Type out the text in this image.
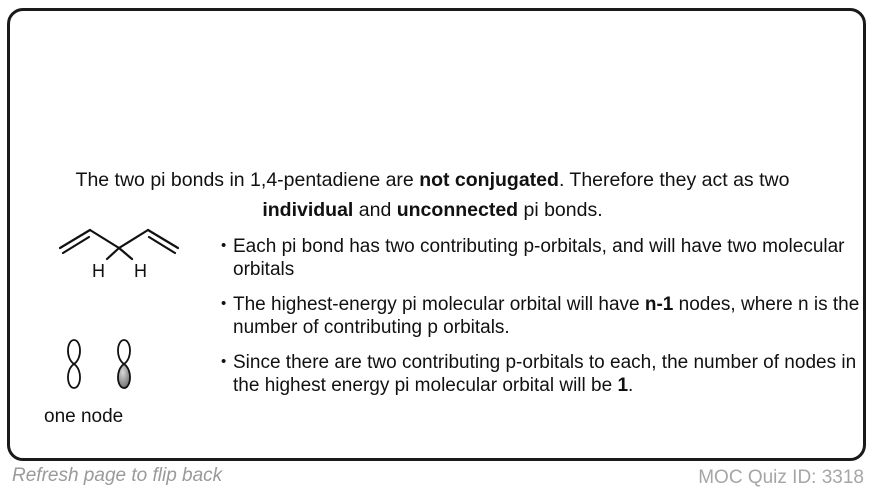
The two pi bonds in 1,4-pentadiene are not conjugated. Therefore they act as two
individual and unconnected pi bonds.
H H
one node
• Each pi bond has two contributing p-orbitals, and will have two molecular orbitals
• The highest-energy pi molecular orbital will have n-1 nodes, where n is the number of contributing p orbitals.
• Since there are two contributing p-orbitals to each, the number of nodes in the highest energy pi molecular orbital will be 1.
Refresh page to flip back	MOC Quiz ID: 3318
